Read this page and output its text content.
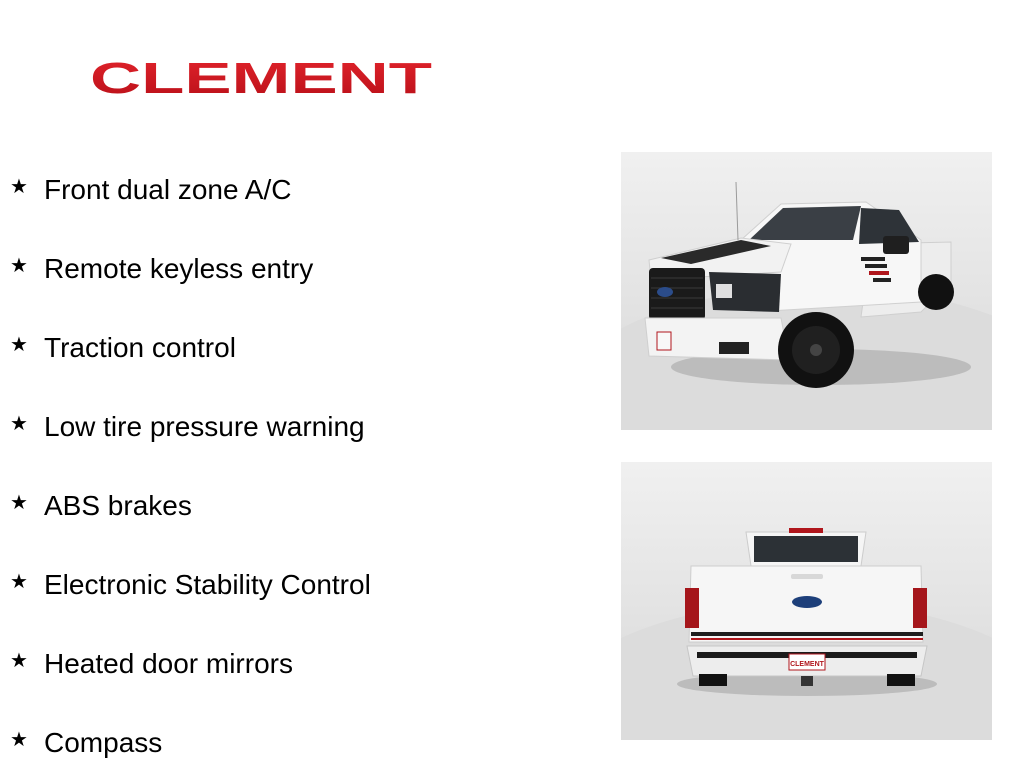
CLEMENT
★ Front dual zone A/C
★ Remote keyless entry
★ Traction control
★ Low tire pressure warning
★ ABS brakes
★ Electronic Stability Control
★ Heated door mirrors
★ Compass
CLEMENT
